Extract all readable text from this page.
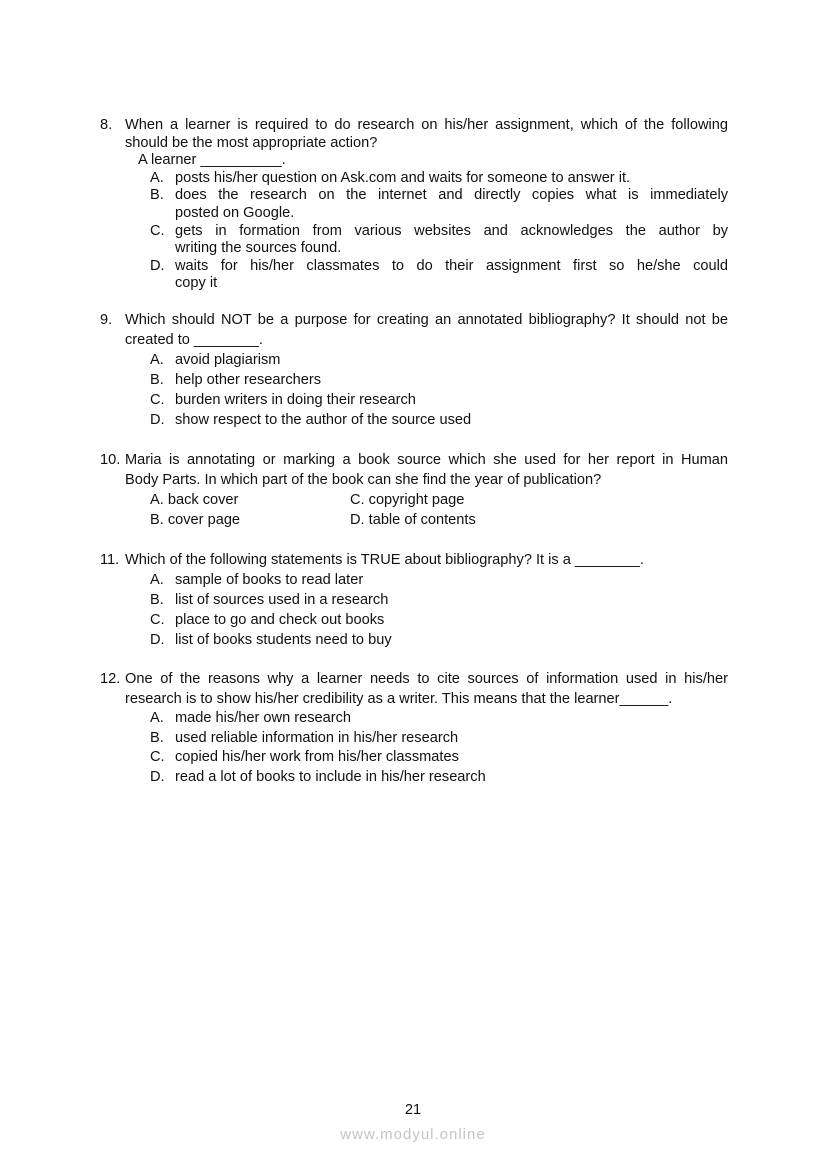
8. When a learner is required to do research on his/her assignment, which of the following
should be the most appropriate action?
A learner __________.
A. posts his/her question on Ask.com and waits for someone to answer it.
B. does the research on the internet and directly copies what is immediately
posted on Google.
C. gets in formation from various websites and acknowledges the author by
writing the sources found.
D. waits for his/her classmates to do their assignment first so he/she could
copy it
9. Which should NOT be a purpose for creating an annotated bibliography? It should not be
created to ________.
A. avoid plagiarism
B. help other researchers
C. burden writers in doing their research
D. show respect to the author of the source used
10. Maria is annotating or marking a book source which she used for her report in Human
Body Parts. In which part of the book can she find the year of publication?
A. back cover	C. copyright page
B. cover page	D. table of contents
11. Which of the following statements is TRUE about bibliography? It is a ________.
A. sample of books to read later
B. list of sources used in a research
C. place to go and check out books
D. list of books students need to buy
12. One of the reasons why a learner needs to cite sources of information used in his/her
research is to show his/her credibility as a writer. This means that the learner______.
A. made his/her own research
B. used reliable information in his/her research
C. copied his/her work from his/her classmates
D. read a lot of books to include in his/her research
21
www.modyul.online
